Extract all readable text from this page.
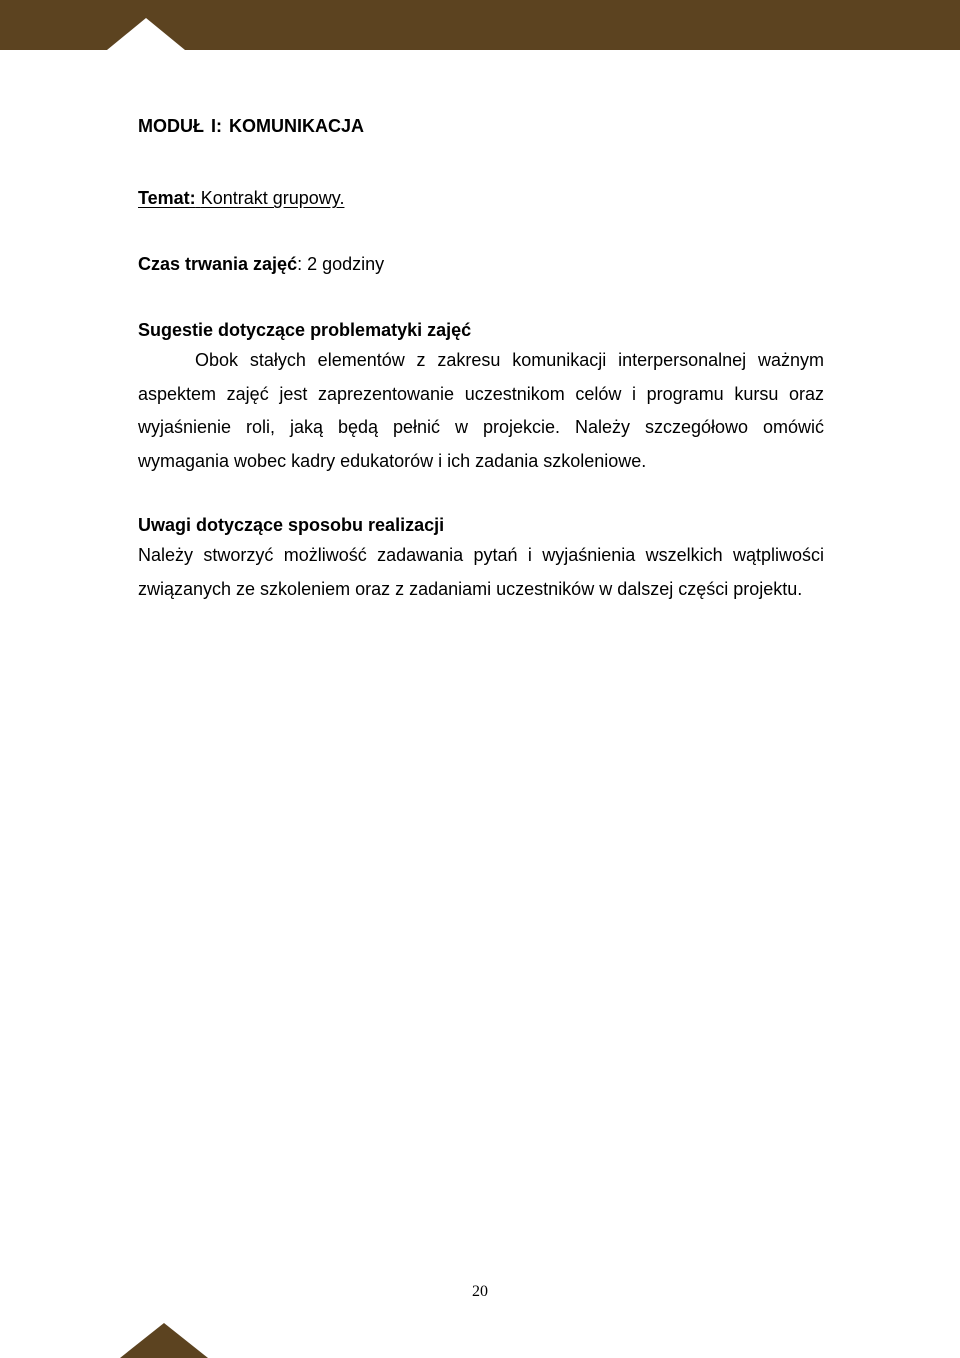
MODUŁ I: KOMUNIKACJA
Temat: Kontrakt grupowy.
Czas trwania zajęć: 2 godziny
Sugestie dotyczące problematyki zajęć

Obok stałych elementów z zakresu komunikacji interpersonalnej ważnym aspektem zajęć jest zaprezentowanie uczestnikom celów i programu kursu oraz wyjaśnienie roli, jaką będą pełnić w projekcie. Należy szczegółowo omówić wymagania wobec kadry edukatorów i ich zadania szkoleniowe.

Uwagi dotyczące sposobu realizacji

Należy stworzyć możliwość zadawania pytań i wyjaśnienia wszelkich wątpliwości związanych ze szkoleniem oraz z zadaniami uczestników w dalszej części projektu.

20
